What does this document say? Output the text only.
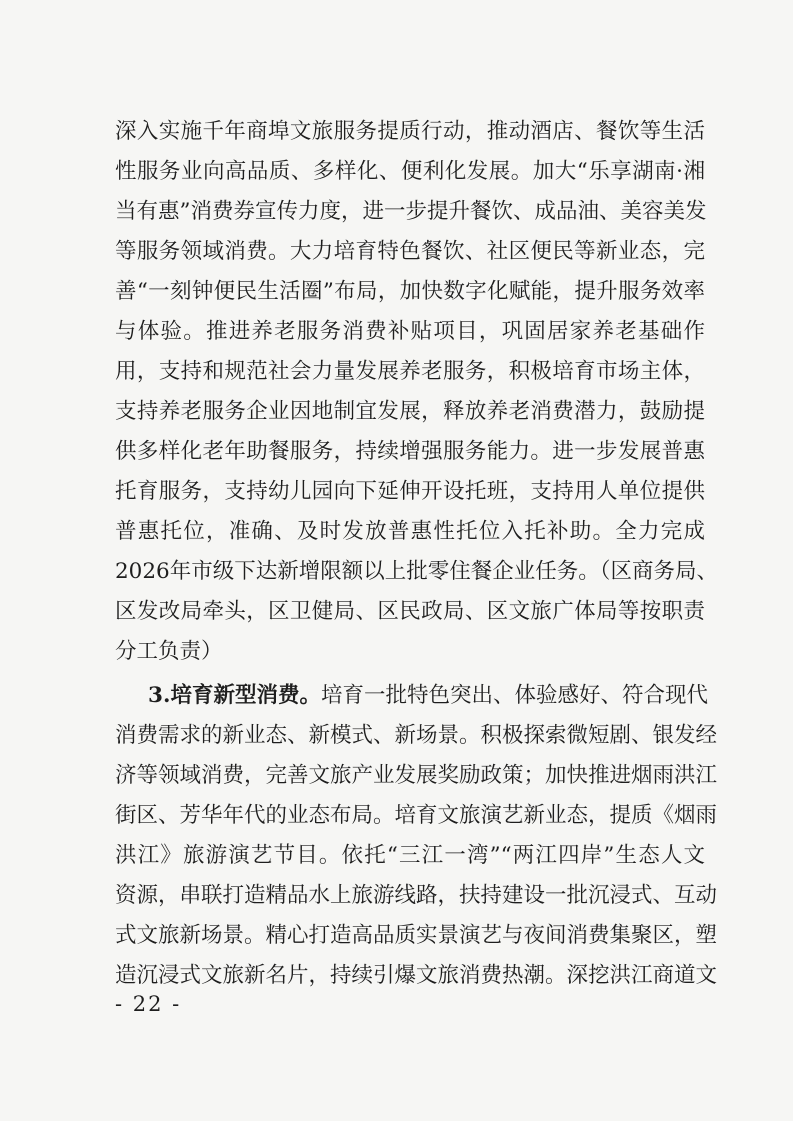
深入实施千年商埠文旅服务提质行动，推动酒店、餐饮等生活
性服务业向高品质、多样化、便利化发展。加大“乐享湖南·湘
当有惠”消费券宣传力度，进一步提升餐饮、成品油、美容美发
等服务领域消费。大力培育特色餐饮、社区便民等新业态，完
善“一刻钟便民生活圈”布局，加快数字化赋能，提升服务效率
与体验。推进养老服务消费补贴项目，巩固居家养老基础作
用，支持和规范社会力量发展养老服务，积极培育市场主体，
支持养老服务企业因地制宜发展，释放养老消费潜力，鼓励提
供多样化老年助餐服务，持续增强服务能力。进一步发展普惠
托育服务，支持幼儿园向下延伸开设托班，支持用人单位提供
普惠托位，准确、及时发放普惠性托位入托补助。全力完成
2026年市级下达新增限额以上批零住餐企业任务。（区商务局、
区发改局牵头，区卫健局、区民政局、区文旅广体局等按职责
分工负责）
3.培育新型消费。培育一批特色突出、体验感好、符合现代
消费需求的新业态、新模式、新场景。积极探索微短剧、银发经
济等领域消费，完善文旅产业发展奖励政策；加快推进烟雨洪江
街区、芳华年代的业态布局。培育文旅演艺新业态，提质《烟雨
洪江》旅游演艺节目。依托“三江一湾”“两江四岸”生态人文
资源，串联打造精品水上旅游线路，扶持建设一批沉浸式、互动
式文旅新场景。精心打造高品质实景演艺与夜间消费集聚区，塑
造沉浸式文旅新名片，持续引爆文旅消费热潮。深挖洪江商道文
- 22 -
